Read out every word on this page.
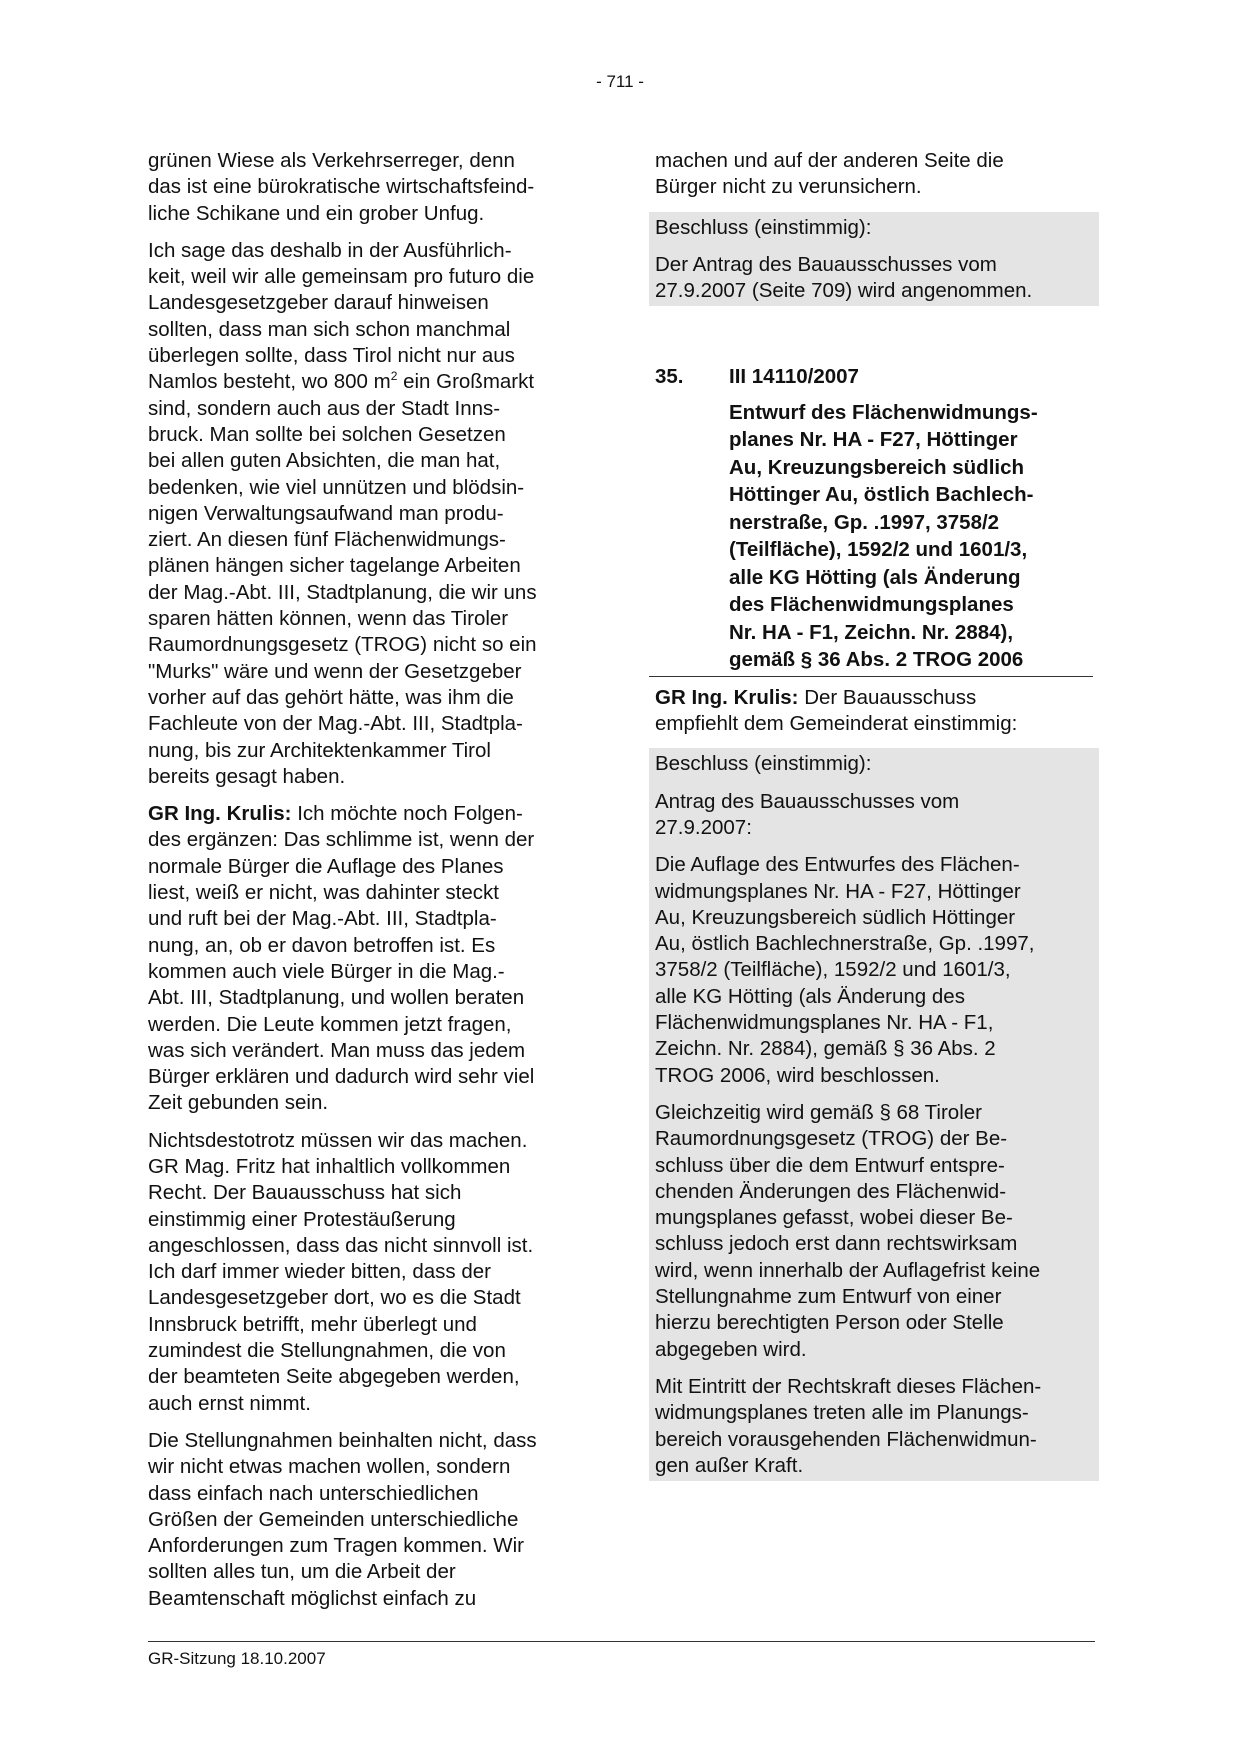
- 711 -

grünen Wiese als Verkehrserreger, denn

das ist eine bürokratische wirtschaftsfeind-

liche Schikane und ein grober Unfug.

Ich sage das deshalb in der Ausführlich-

keit, weil wir alle gemeinsam pro futuro die

Landesgesetzgeber darauf hinweisen

sollten, dass man sich schon manchmal

überlegen sollte, dass Tirol nicht nur aus

Namlos besteht, wo 800 $m^2$ ein Großmarkt

sind, sondern auch aus der Stadt Inns-

bruck. Man sollte bei solchen Gesetzen

bei allen guten Absichten, die man hat,

bedenken, wie viel unnützen und blödsin-

nigen Verwaltungsaufwand man produ-

ziert. An diesen fünf Flächenwidmungs-

plänen hängen sicher tagelange Arbeiten

der Mag.-Abt. III, Stadtplanung, die wir uns

sparen hätten können, wenn das Tiroler

Raumordnungsgesetz (TROG) nicht so ein

"Murks" wäre und wenn der Gesetzgeber

vorher auf das gehört hätte, was ihm die

Fachleute von der Mag.-Abt. III, Stadtpla-

nung, bis zur Architektenkammer Tirol

bereits gesagt haben.

GR Ing. Krulis: Ich möchte noch Folgen-

des ergänzen: Das schlimme ist, wenn der

normale Bürger die Auflage des Planes

liest, weiß er nicht, was dahinter steckt

und ruft bei der Mag.-Abt. III, Stadtpla-

nung, an, ob er davon betroffen ist. Es

kommen auch viele Bürger in die Mag.-

Abt. III, Stadtplanung, und wollen beraten

werden. Die Leute kommen jetzt fragen,

was sich verändert. Man muss das jedem

Bürger erklären und dadurch wird sehr viel

Zeit gebunden sein.

Nichtsdestotrotz müssen wir das machen.

GR Mag. Fritz hat inhaltlich vollkommen

Recht. Der Bauausschuss hat sich

einstimmig einer Protestäußerung

angeschlossen, dass das nicht sinnvoll ist.

Ich darf immer wieder bitten, dass der

Landesgesetzgeber dort, wo es die Stadt

Innsbruck betrifft, mehr überlegt und

zumindest die Stellungnahmen, die von

der beamteten Seite abgegeben werden,

auch ernst nimmt.

Die Stellungnahmen beinhalten nicht, dass

wir nicht etwas machen wollen, sondern

dass einfach nach unterschiedlichen

Größen der Gemeinden unterschiedliche

Anforderungen zum Tragen kommen. Wir

sollten alles tun, um die Arbeit der

Beamtenschaft möglichst einfach zu

machen und auf der anderen Seite die

Bürger nicht zu verunsichern.

Beschluss (einstimmig):

Der Antrag des Bauausschusses vom

27.9.2007 (Seite 709) wird angenommen.

35.	III 14110/2007

Entwurf des Flächenwidmungs-

planes Nr. HA - F27, Höttinger

Au, Kreuzungsbereich südlich

Höttinger Au, östlich Bachlech-

nerstraße, Gp. .1997, 3758/2

(Teilfläche), 1592/2 und 1601/3,

alle KG Hötting (als Änderung

des Flächenwidmungsplanes

Nr. HA - F1, Zeichn. Nr. 2884),

gemäß § 36 Abs. 2 TROG 2006

GR Ing. Krulis: Der Bauausschuss

empfiehlt dem Gemeinderat einstimmig:

Beschluss (einstimmig):

Antrag des Bauausschusses vom

27.9.2007:

Die Auflage des Entwurfes des Flächen-

widmungsplanes Nr. HA - F27, Höttinger

Au, Kreuzungsbereich südlich Höttinger

Au, östlich Bachlechnerstraße, Gp. .1997,

3758/2 (Teilfläche), 1592/2 und 1601/3,

alle KG Hötting (als Änderung des

Flächenwidmungsplanes Nr. HA - F1,

Zeichn. Nr. 2884), gemäß § 36 Abs. 2

TROG 2006, wird beschlossen.

Gleichzeitig wird gemäß § 68 Tiroler

Raumordnungsgesetz (TROG) der Be-

schluss über die dem Entwurf entspre-

chenden Änderungen des Flächenwid-

mungsplanes gefasst, wobei dieser Be-

schluss jedoch erst dann rechtswirksam

wird, wenn innerhalb der Auflagefrist keine

Stellungnahme zum Entwurf von einer

hierzu berechtigten Person oder Stelle

abgegeben wird.

Mit Eintritt der Rechtskraft dieses Flächen-

widmungsplanes treten alle im Planungs-

bereich vorausgehenden Flächenwidmun-

gen außer Kraft.

GR-Sitzung 18.10.2007
